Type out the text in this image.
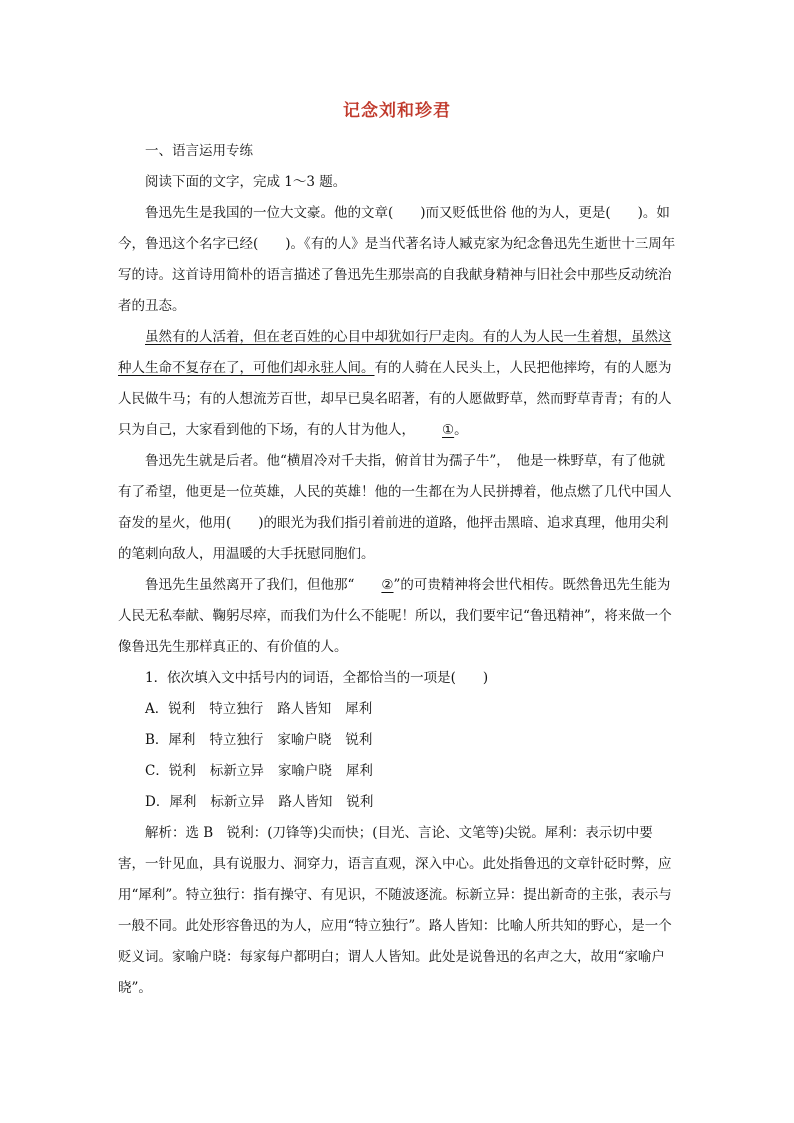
记念刘和珍君

一、语言运用专练

阅读下面的文字，完成 1～3 题。

鲁迅先生是我国的一位大文豪。他的文章(　　)而又贬低世俗 他的为人，更是(　　)。如今，鲁迅这个名字已经(　　)。《有的人》是当代著名诗人臧克家为纪念鲁迅先生逝世十三周年写的诗。这首诗用简朴的语言描述了鲁迅先生那崇高的自我献身精神与旧社会中那些反动统治者的丑态。

虽然有的人活着，但在老百姓的心目中却犹如行尸走肉。有的人为人民一生着想，虽然这种人生命不复存在了，可他们却永驻人间。有的人骑在人民头上，人民把他摔垮，有的人愿为人民做牛马；有的人想流芳百世，却早已臭名昭著，有的人愿做野草，然而野草青青；有的人只为自己，大家看到他的下场，有的人甘为他人， ①。

鲁迅先生就是后者。他“横眉冷对千夫指，俯首甘为孺子牛”，　他是一株野草，有了他就有了希望，他更是一位英雄，人民的英雄！他的一生都在为人民拼搏着，他点燃了几代中国人奋发的星火，他用(　　)的眼光为我们指引着前进的道路，他抨击黑暗、追求真理，他用尖利的笔刺向敌人，用温暖的大手抚慰同胞们。

鲁迅先生虽然离开了我们，但他那“ ②”的可贵精神将会世代相传。既然鲁迅先生能为人民无私奉献、鞠躬尽瘁，而我们为什么不能呢！所以，我们要牢记“鲁迅精神”，将来做一个像鲁迅先生那样真正的、有价值的人。

1．依次填入文中括号内的词语，全都恰当的一项是(　　)

A．锐利 特立独行 路人皆知 犀利

B．犀利 特立独行 家喻户晓 锐利

C．锐利 标新立异 家喻户晓 犀利

D．犀利 标新立异 路人皆知 锐利

解析：选 B　锐利：(刀锋等)尖而快；(目光、言论、文笔等)尖锐。犀利：表示切中要害，一针见血，具有说服力、洞穿力，语言直观，深入中心。此处指鲁迅的文章针砭时弊，应用“犀利”。特立独行：指有操守、有见识，不随波逐流。标新立异：提出新奇的主张，表示与一般不同。此处形容鲁迅的为人，应用“特立独行”。路人皆知：比喻人所共知的野心，是一个贬义词。家喻户晓：每家每户都明白；谓人人皆知。此处是说鲁迅的名声之大，故用“家喻户晓”。
